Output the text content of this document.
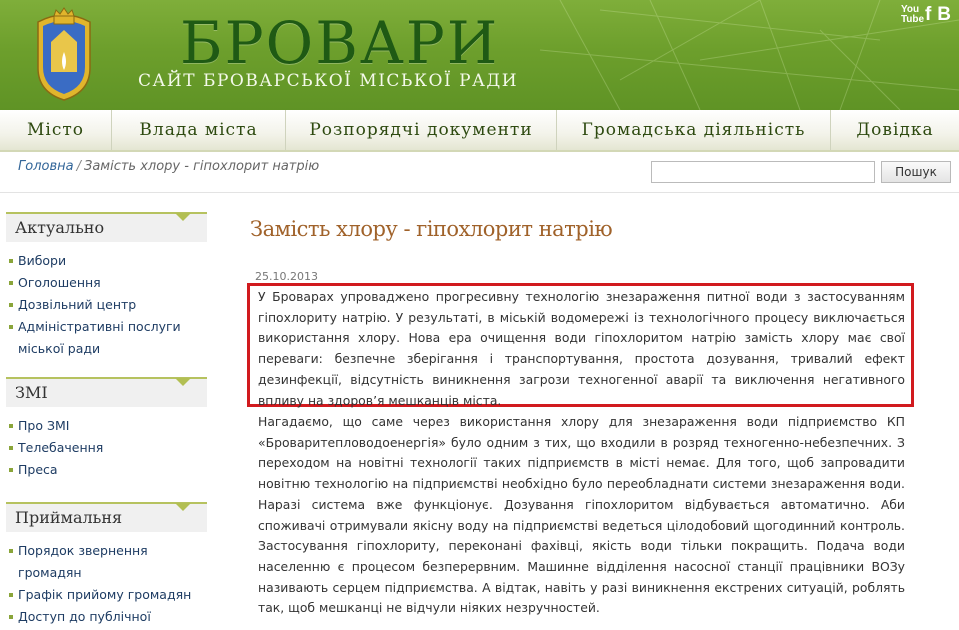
БРОВАРИ
САЙТ БРОВАРСЬКОЇ МІСЬКОЇ РАДИ
You Tube f B
Місто	Влада міста	Розпорядчі документи	Громадська діяльність	Довідка
Головна / Замість хлору - гіпохлорит натрію	Пошук
Актуально
Вибори
Оголошення
Дозвільний центр
Адміністративні послуги міської ради
ЗМІ
Про ЗМІ
Телебачення
Преса
Приймальня
Порядок звернення громадян
Графік прийому громадян
Доступ до публічної
Замість хлору - гіпохлорит натрію
25.10.2013
У Броварах упроваджено прогресивну технологію знезараження питної води з застосуванням гіпохлориту натрію. У результаті, в міській водомережі із технологічного процесу виключається використання хлору. Нова ера очищення води гіпохлоритом натрію замість хлору має свої переваги: безпечне зберігання і транспортування, простота дозування, тривалий ефект дезинфекції, відсутність виникнення загрози техногенної аварії та виключення негативного впливу на здоров’я мешканців міста.
Нагадаємо, що саме через використання хлору для знезараження води підприємство КП «Броваритепловодоенергія» було одним з тих, що входили в розряд техногенно-небезпечних. З переходом на новітні технології таких підприємств в місті немає. Для того, щоб запровадити новітню технологію на підприємстві необхідно було переобладнати системи знезараження води. Наразі система вже функціонує. Дозування гіпохлоритом відбувається автоматично. Аби споживачі отримували якісну воду на підприємстві ведеться цілодобовий щогодинний контроль. Застосування гіпохлориту, переконані фахівці, якість води тільки покращить. Подача води населенню є процесом безперервним. Машинне відділення насосної станції працівники ВОЗу називають серцем підприємства. А відтак, навіть у разі виникнення екстрених ситуацій, роблять так, щоб мешканці не відчули ніяких незручностей.
